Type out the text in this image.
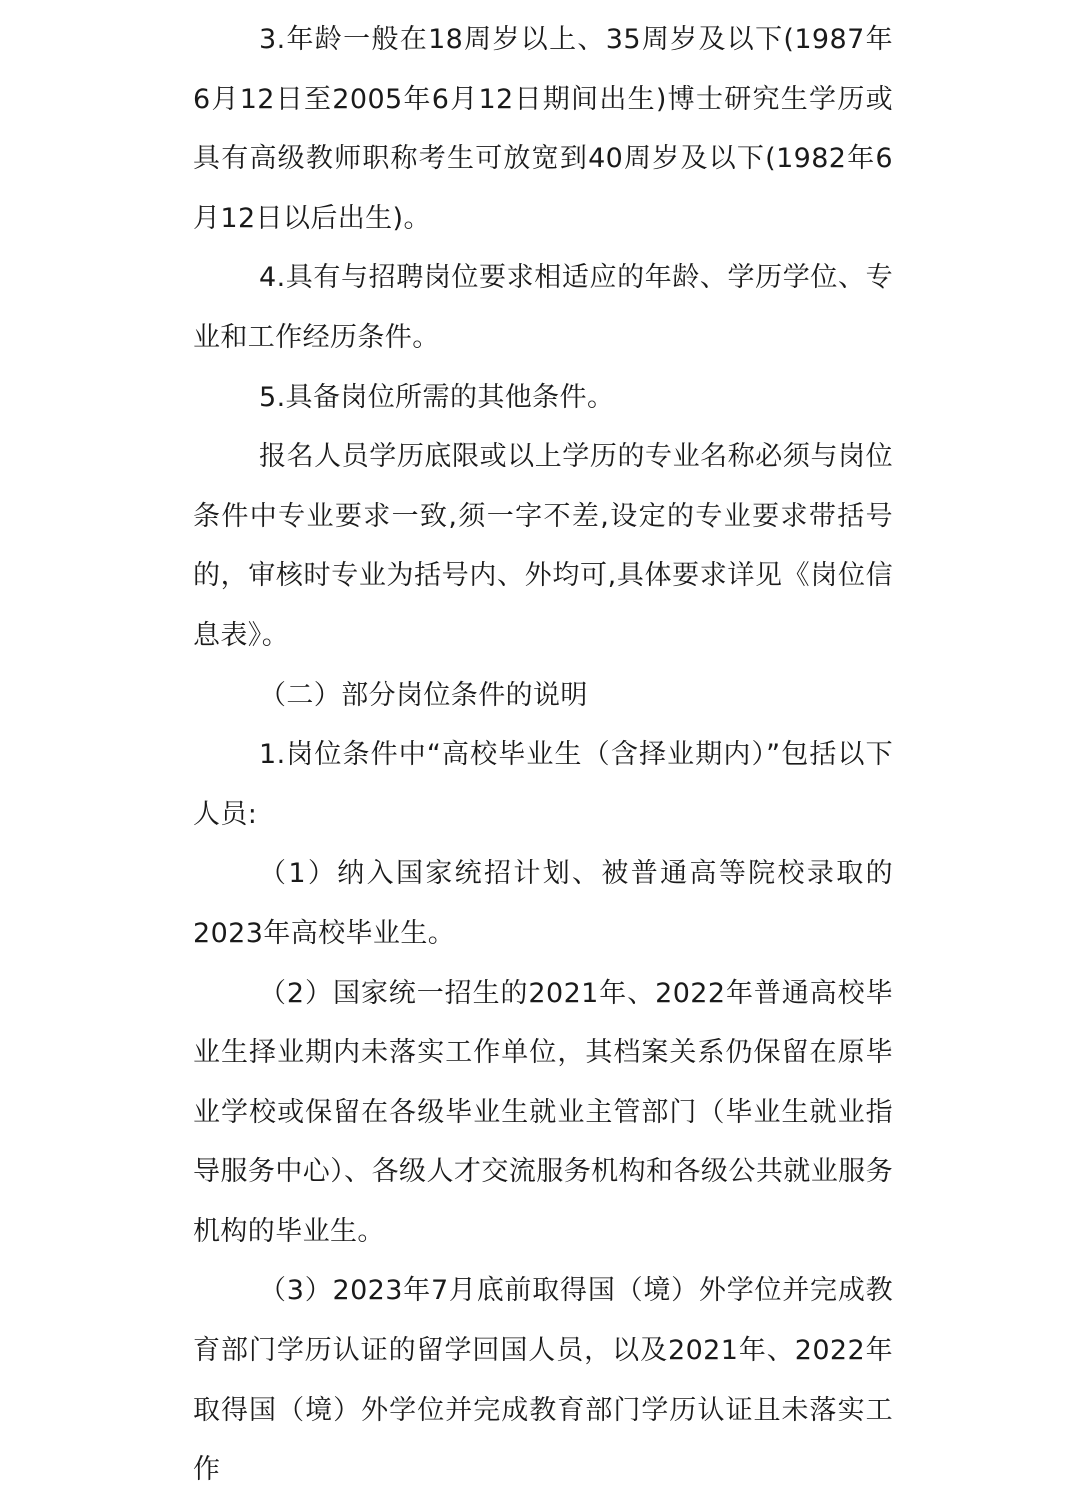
3.年龄一般在18周岁以上、35周岁及以下(1987年6月12日至2005年6月12日期间出生)博士研究生学历或具有高级教师职称考生可放宽到40周岁及以下(1982年6月12日以后出生)。

4.具有与招聘岗位要求相适应的年龄、学历学位、专业和工作经历条件。

5.具备岗位所需的其他条件。

报名人员学历底限或以上学历的专业名称必须与岗位条件中专业要求一致,须一字不差,设定的专业要求带括号的，审核时专业为括号内、外均可,具体要求详见《岗位信息表》。

（二）部分岗位条件的说明

1.岗位条件中“高校毕业生（含择业期内）”包括以下人员:

（1）纳入国家统招计划、被普通高等院校录取的2023年高校毕业生。

（2）国家统一招生的2021年、2022年普通高校毕业生择业期内未落实工作单位，其档案关系仍保留在原毕业学校或保留在各级毕业生就业主管部门（毕业生就业指导服务中心）、各级人才交流服务机构和各级公共就业服务机构的毕业生。

（3）2023年7月底前取得国（境）外学位并完成教育部门学历认证的留学回国人员，以及2021年、2022年取得国（境）外学位并完成教育部门学历认证且未落实工作
